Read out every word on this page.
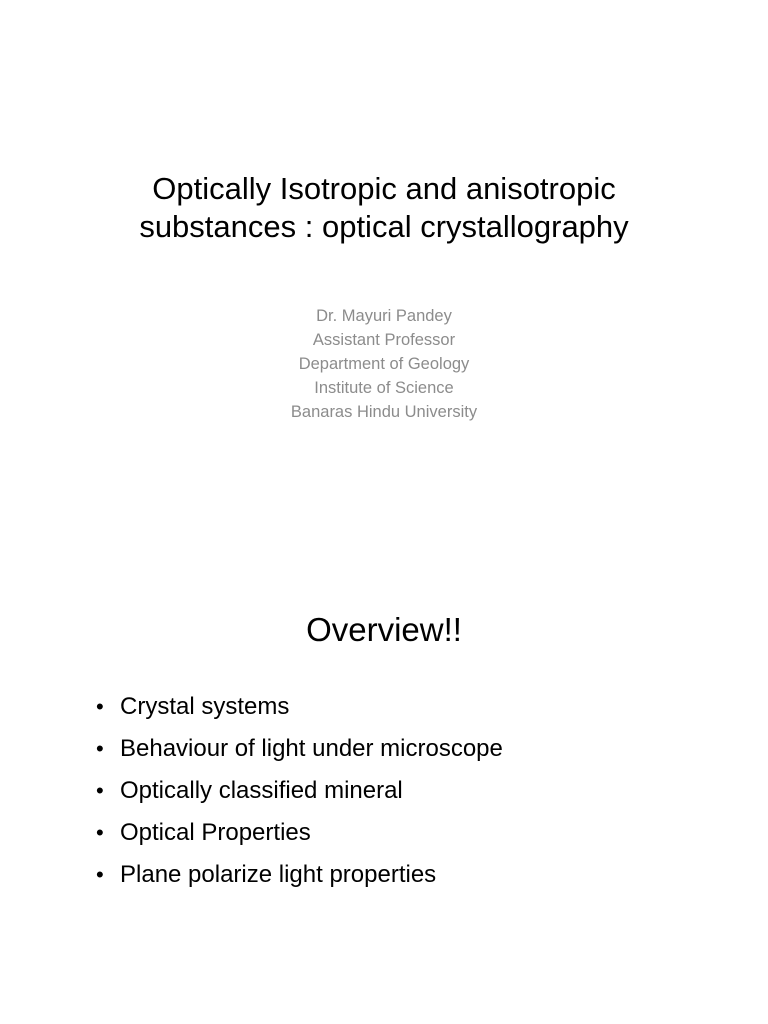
Optically Isotropic and anisotropic
substances : optical crystallography
Dr. Mayuri Pandey
Assistant Professor
Department of Geology
Institute of Science
Banaras Hindu University
Overview!!
• Crystal systems
• Behaviour of light under microscope
• Optically classified mineral
• Optical Properties
• Plane polarize light properties
